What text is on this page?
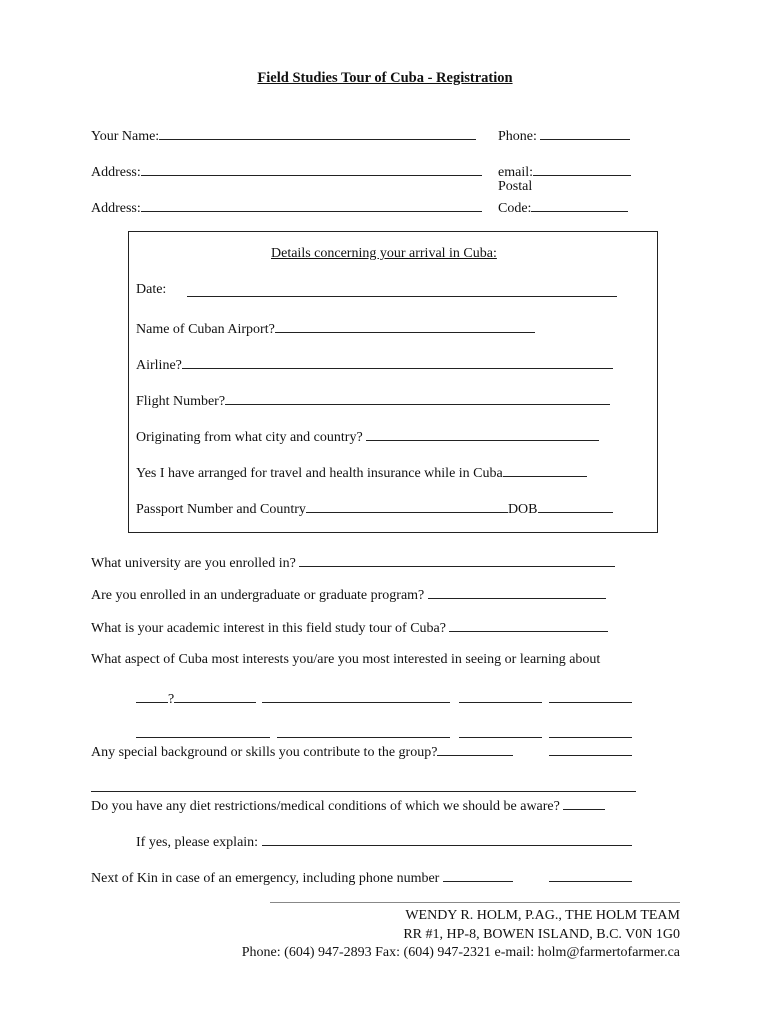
Field Studies Tour of Cuba - Registration
Your Name:	Phone:
Address:	email:
Postal
Address:	Code:
Details concerning your arrival in Cuba:
Date:
Name of Cuban Airport?
Airline?
Flight Number?
Originating from what city and country?
Yes I have arranged for travel and health insurance while in Cuba
Passport Number and Country	DOB
What university are you enrolled in?
Are you enrolled in an undergraduate or graduate program?
What is your academic interest in this field study tour of Cuba?
What aspect of Cuba most interests you/are you most interested in seeing or learning about
?
Any special background or skills you contribute to the group?
Do you have any diet restrictions/medical conditions of which we should be aware?
If yes, please explain:
Next of Kin in case of an emergency, including phone number
WENDY R. HOLM, P.AG., THE HOLM TEAM
RR #1, HP-8, BOWEN ISLAND, B.C. V0N 1G0
Phone: (604) 947-2893 Fax: (604) 947-2321 e-mail: holm@farmertofarmer.ca
